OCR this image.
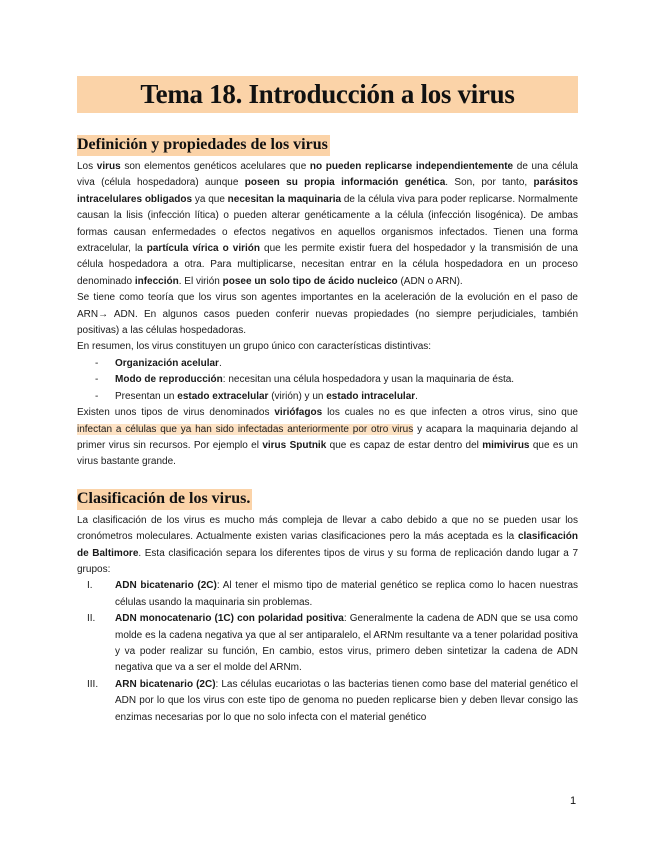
Tema 18. Introducción a los virus
Definición y propiedades de los virus

Los virus son elementos genéticos acelulares que no pueden replicarse independientemente de una célula viva (célula hospedadora) aunque poseen su propia información genética. Son, por tanto, parásitos intracelulares obligados ya que necesitan la maquinaria de la célula viva para poder replicarse. Normalmente causan la lisis (infección lítica) o pueden alterar genéticamente a la célula (infección lisogénica). De ambas formas causan enfermedades o efectos negativos en aquellos organismos infectados. Tienen una forma extracelular, la partícula vírica o virión que les permite existir fuera del hospedador y la transmisión de una célula hospedadora a otra. Para multiplicarse, necesitan entrar en la célula hospedadora en un proceso denominado infección. El virión posee un solo tipo de ácido nucleico (ADN o ARN).

Se tiene como teoría que los virus son agentes importantes en la aceleración de la evolución en el paso de ARN→ ADN. En algunos casos pueden conferir nuevas propiedades (no siempre perjudiciales, también positivas) a las células hospedadoras.

En resumen, los virus constituyen un grupo único con características distintivas:

- Organización acelular.
- Modo de reproducción: necesitan una célula hospedadora y usan la maquinaria de ésta.
- Presentan un estado extracelular (virión) y un estado intracelular.

Existen unos tipos de virus denominados viriófagos los cuales no es que infecten a otros virus, sino que infectan a células que ya han sido infectadas anteriormente por otro virus y acapara la maquinaria dejando al primer virus sin recursos. Por ejemplo el virus Sputnik que es capaz de estar dentro del mimivirus que es un virus bastante grande.

Clasificación de los virus.

La clasificación de los virus es mucho más compleja de llevar a cabo debido a que no se pueden usar los cronómetros moleculares. Actualmente existen varias clasificaciones pero la más aceptada es la clasificación de Baltimore. Esta clasificación separa los diferentes tipos de virus y su forma de replicación dando lugar a 7 grupos:

I. ADN bicatenario (2C): Al tener el mismo tipo de material genético se replica como lo hacen nuestras células usando la maquinaria sin problemas.
II. ADN monocatenario (1C) con polaridad positiva: Generalmente la cadena de ADN que se usa como molde es la cadena negativa ya que al ser antiparalelo, el ARNm resultante va a tener polaridad positiva y va poder realizar su función, En cambio, estos virus, primero deben sintetizar la cadena de ADN negativa que va a ser el molde del ARNm.
III. ARN bicatenario (2C): Las células eucariotas o las bacterias tienen como base del material genético el ADN por lo que los virus con este tipo de genoma no pueden replicarse bien y deben llevar consigo las enzimas necesarias por lo que no solo infecta con el material genético
1
